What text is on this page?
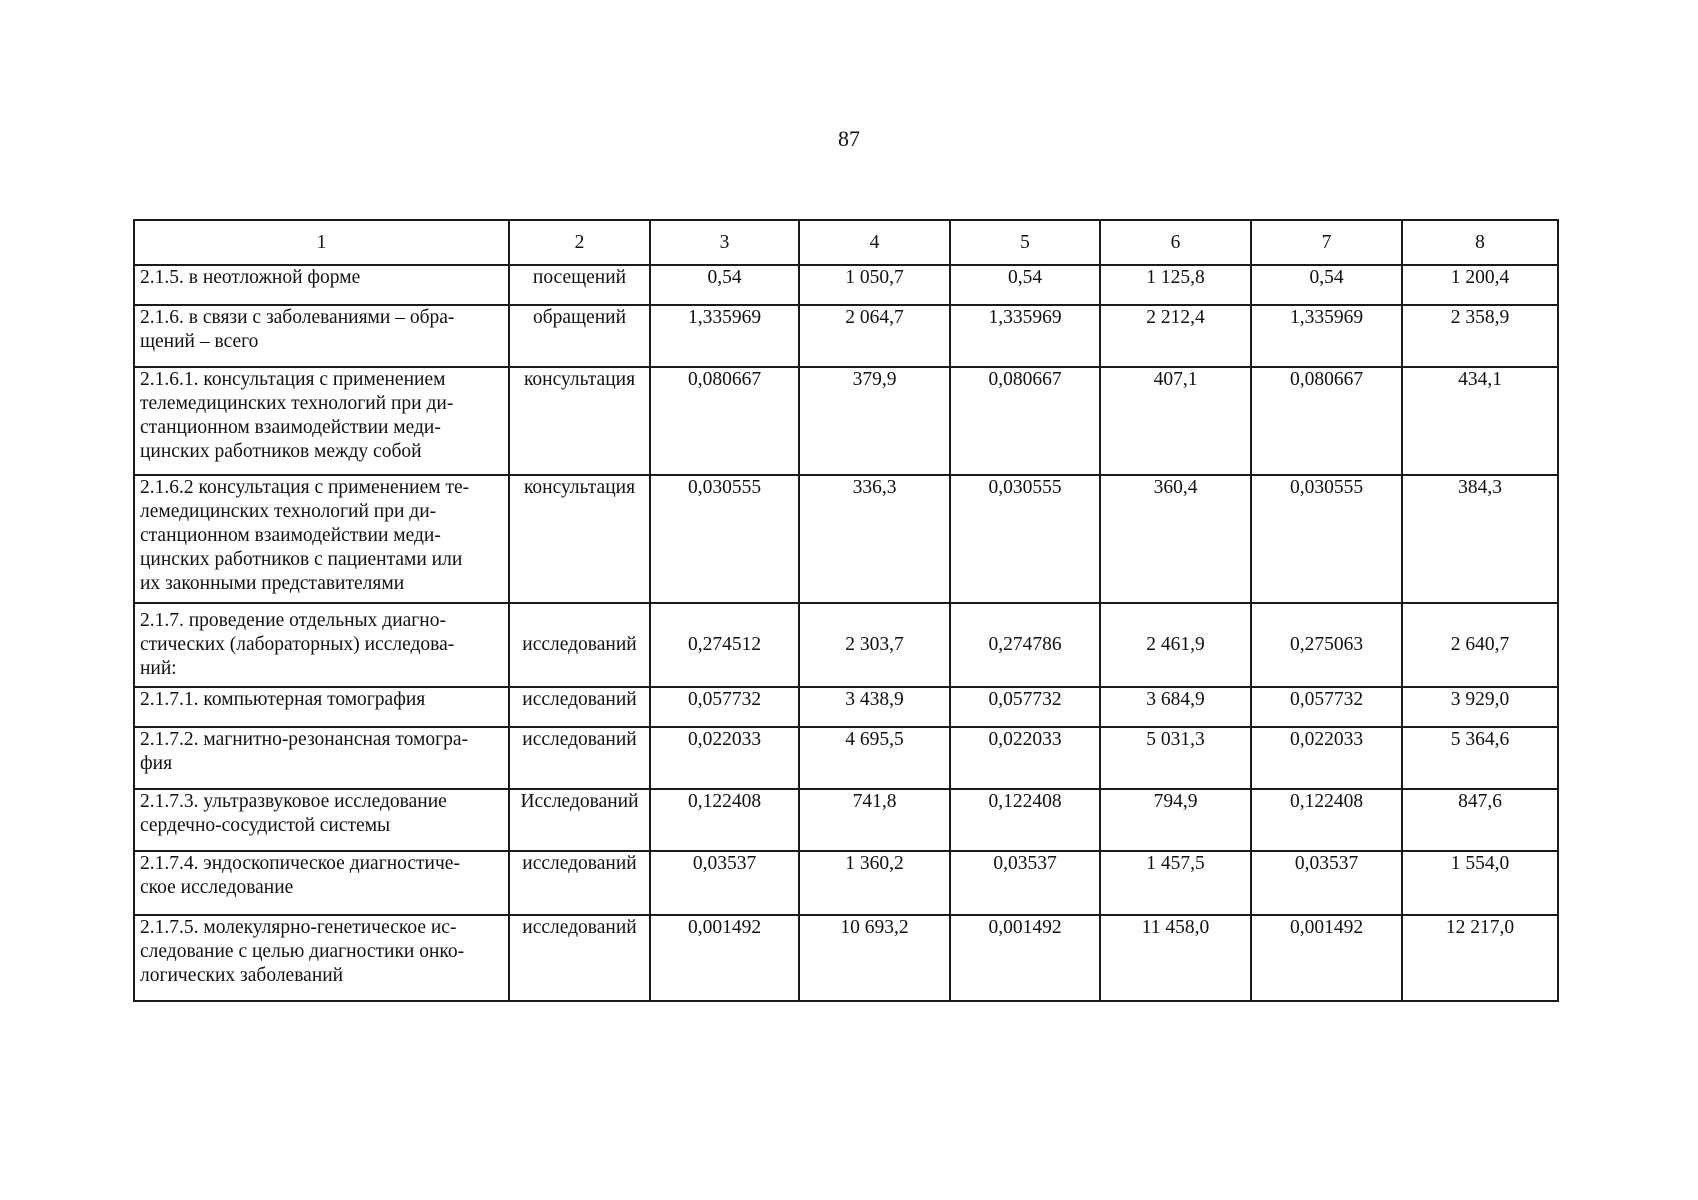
87
1	2	3	4	5	6	7	8

2.1.5. в неотложной форме	посещений	0,54	1 050,7	0,54	1 125,8	0,54	1 200,4

2.1.6. в связи с заболеваниями – обра-
щений – всего	обращений	1,335969	2 064,7	1,335969	2 212,4	1,335969	2 358,9

2.1.6.1. консультация с применением
телемедицинских технологий при ди-
станционном взаимодействии меди-
цинских работников между собой	консультация	0,080667	379,9	0,080667	407,1	0,080667	434,1

2.1.6.2 консультация с применением те-
лемедицинских технологий при ди-
станционном взаимодействии меди-
цинских работников с пациентами или
их законными представителями	консультация	0,030555	336,3	0,030555	360,4	0,030555	384,3

2.1.7. проведение отдельных диагно-
стических (лабораторных) исследова-
ний:	исследований	0,274512	2 303,7	0,274786	2 461,9	0,275063	2 640,7

2.1.7.1. компьютерная томография	исследований	0,057732	3 438,9	0,057732	3 684,9	0,057732	3 929,0

2.1.7.2. магнитно-резонансная томогра-
фия	исследований	0,022033	4 695,5	0,022033	5 031,3	0,022033	5 364,6

2.1.7.3. ультразвуковое исследование
сердечно-сосудистой системы	Исследований	0,122408	741,8	0,122408	794,9	0,122408	847,6

2.1.7.4. эндоскопическое диагностиче-
ское исследование	исследований	0,03537	1 360,2	0,03537	1 457,5	0,03537	1 554,0

2.1.7.5. молекулярно-генетическое ис-
следование с целью диагностики онко-
логических заболеваний	исследований	0,001492	10 693,2	0,001492	11 458,0	0,001492	12 217,0
